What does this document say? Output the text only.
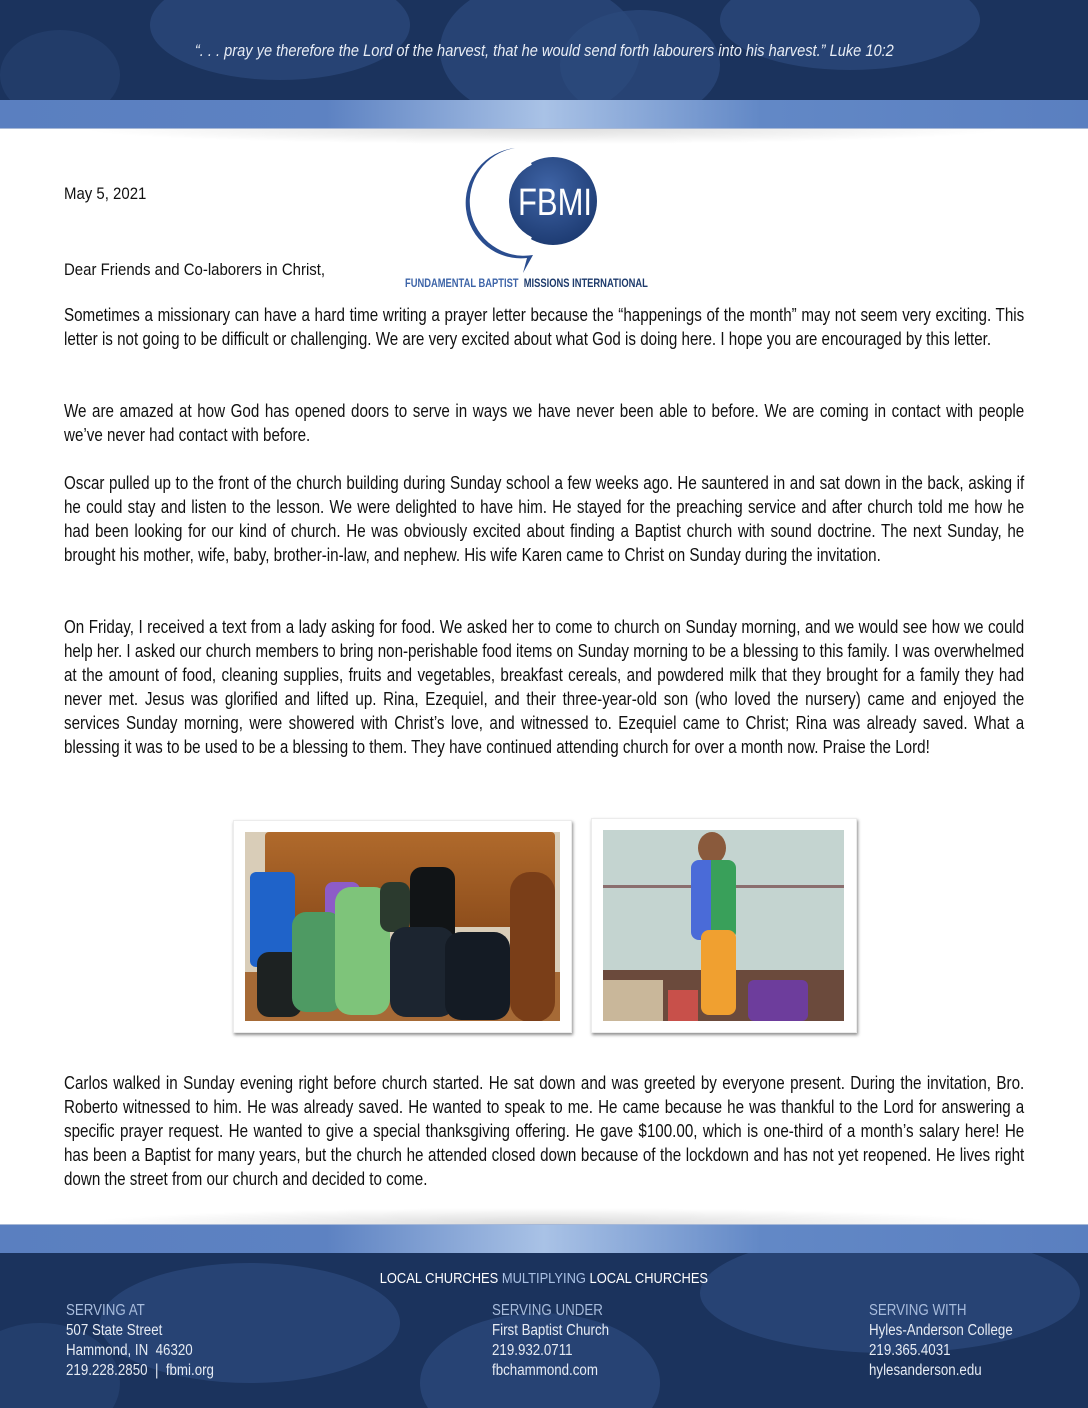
“. . . pray ye therefore the Lord of the harvest, that he would send forth labourers into his harvest.” Luke 10:2
FBMI
FUNDAMENTAL BAPTIST MISSIONS INTERNATIONAL
May 5, 2021
Dear Friends and Co-laborers in Christ,

Sometimes a missionary can have a hard time writing a prayer letter because the “happenings of the month” may not seem very exciting. This letter is not going to be difficult or challenging. We are very excited about what God is doing here. I hope you are encouraged by this letter.

We are amazed at how God has opened doors to serve in ways we have never been able to before. We are coming in contact with people we’ve never had contact with before.

Oscar pulled up to the front of the church building during Sunday school a few weeks ago. He sauntered in and sat down in the back, asking if he could stay and listen to the lesson. We were delighted to have him. He stayed for the preaching service and after church told me how he had been looking for our kind of church. He was obviously excited about finding a Baptist church with sound doctrine. The next Sunday, he brought his mother, wife, baby, brother-in-law, and nephew. His wife Karen came to Christ on Sunday during the invitation.

On Friday, I received a text from a lady asking for food. We asked her to come to church on Sunday morning, and we would see how we could help her. I asked our church members to bring non-perishable food items on Sunday morning to be a blessing to this family. I was overwhelmed at the amount of food, cleaning supplies, fruits and vegetables, breakfast cereals, and powdered milk that they brought for a family they had never met. Jesus was glorified and lifted up. Rina, Ezequiel, and their three-year-old son (who loved the nursery) came and enjoyed the services Sunday morning, were showered with Christ’s love, and witnessed to. Ezequiel came to Christ; Rina was already saved. What a blessing it was to be used to be a blessing to them. They have continued attending church for over a month now. Praise the Lord!

Carlos walked in Sunday evening right before church started. He sat down and was greeted by everyone present. During the invitation, Bro. Roberto witnessed to him. He was already saved. He wanted to speak to me. He came because he was thankful to the Lord for answering a specific prayer request. He wanted to give a special thanksgiving offering. He gave $100.00, which is one-third of a month’s salary here! He has been a Baptist for many years, but the church he attended closed down because of the lockdown and has not yet reopened. He lives right down the street from our church and decided to come.

LOCAL CHURCHES MULTIPLYING LOCAL CHURCHES
SERVING AT
507 State Street
Hammond, IN  46320
219.228.2850  |  fbmi.org
SERVING UNDER
First Baptist Church
219.932.0711
fbchammond.com
SERVING WITH
Hyles-Anderson College
219.365.4031
hylesanderson.edu
